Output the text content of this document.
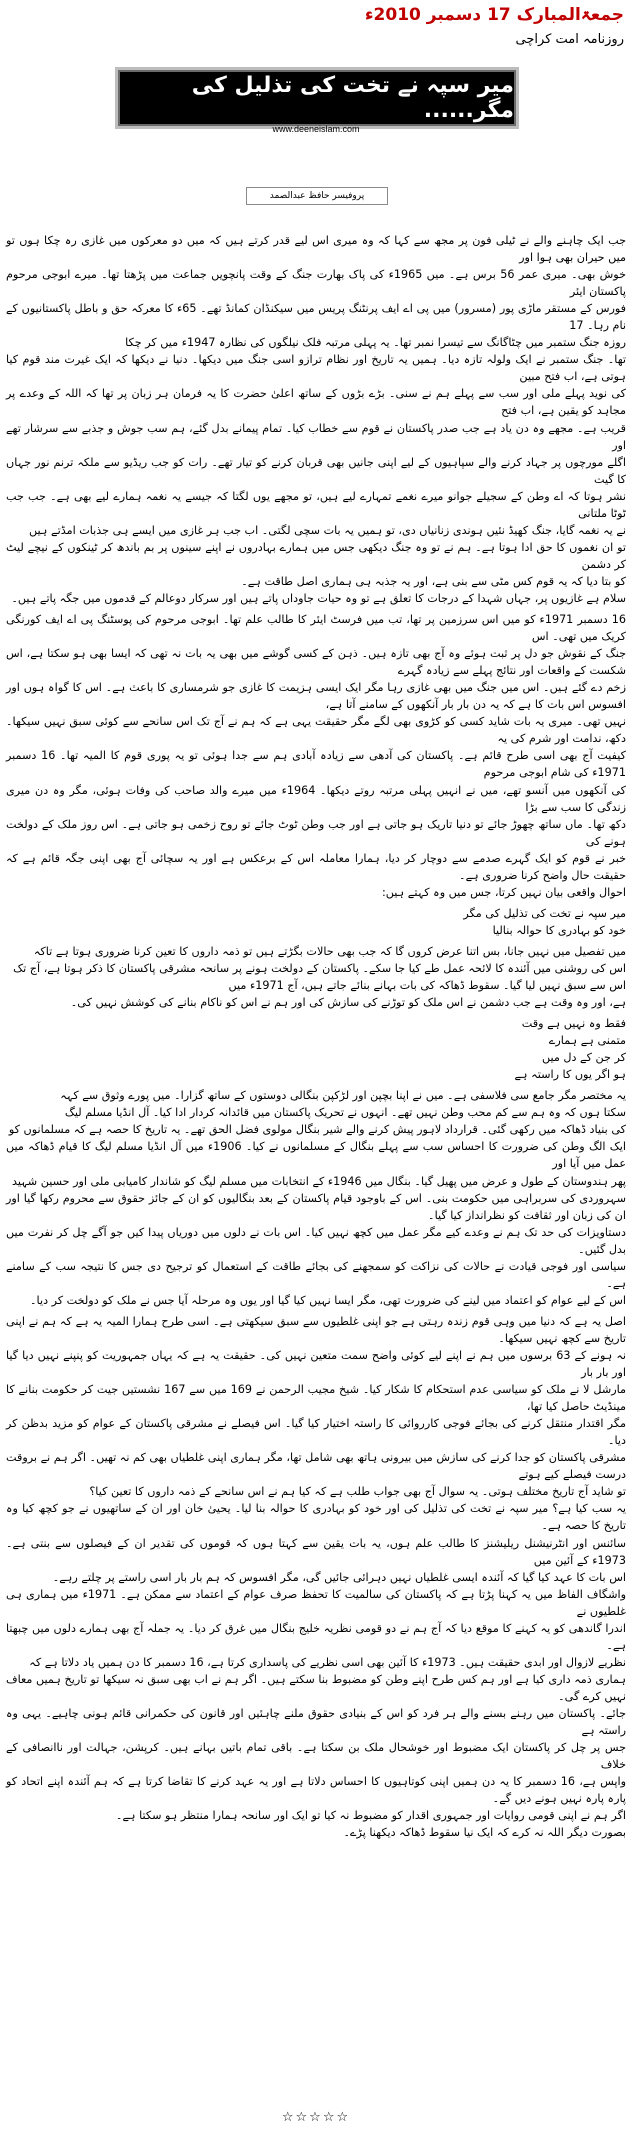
جمعۃالمبارک 17 دسمبر 2010ء
روزنامہ امت کراچی
میر سپہ نے تخت کی تذلیل کی مگر......
www.deeneislam.com
پروفیسر حافظ عبدالصمد

جب ایک چاہنے والے نے ٹیلی فون پر مجھ سے کہا کہ وہ میری اس لیے قدر کرتے ہیں کہ میں دو معرکوں میں غازی رہ چکا ہوں تو میں حیران بھی ہوا اور
خوش بھی۔ میری عمر 56 برس ہے۔ میں 1965ء کی پاک بھارت جنگ کے وقت پانچویں جماعت میں پڑھتا تھا۔ میرے ابوجی مرحوم پاکستان ایئر
فورس کے مستقر ماڑی پور (مسرور) میں پی اے ایف پرنٹنگ پریس میں سیکنڈان کمانڈ تھے۔ 65ء کا معرکہ حق و باطل پاکستانیوں کے نام رہا۔ 17
روزہ جنگ ستمبر میں چٹاگانگ سے تیسرا نمبر تھا۔ یہ پہلی مرتبہ فلک نیلگوں کی نظارہ 1947ء میں کر چکا
تھا۔ جنگ ستمبر نے ایک ولولہ تازہ دیا۔ ہمیں یہ تاریخ اور نظام ترازو اسی جنگ میں دیکھا۔ دنیا نے دیکھا کہ ایک غیرت مند قوم کیا ہوتی ہے، اب فتح مبین
کی نوید پہلے ملی اور سب سے پہلے ہم نے سنی۔ بڑے بڑوں کے ساتھ اعلیٰ حضرت کا یہ فرمان ہر زبان پر تھا کہ اللہ کے وعدے پر مجاہد کو یقین ہے، اب فتح
قریب ہے۔ مجھے وہ دن یاد ہے جب صدر پاکستان نے قوم سے خطاب کیا۔ تمام پیمانے بدل گئے، ہم سب جوش و جذبے سے سرشار تھے اور
اگلے مورچوں پر جہاد کرنے والے سپاہیوں کے لیے اپنی جانیں بھی قربان کرنے کو تیار تھے۔ رات کو جب ریڈیو سے ملکہ ترنم نور جہاں کا گیت
نشر ہوتا کہ اے وطن کے سجیلے جوانو میرے نغمے تمہارے لیے ہیں، تو مجھے یوں لگتا کہ جیسے یہ نغمہ ہمارے لیے بھی ہے۔ جب جب ٹوٹا ملتانی
نے یہ نغمہ گایا، جنگ کھیڈ نئیں ہوندی زنانیاں دی، تو ہمیں یہ بات سچی لگتی۔ اب جب ہر غازی میں ایسے ہی جذبات امڈتے ہیں
تو ان نغموں کا حق ادا ہوتا ہے۔ ہم نے تو وہ جنگ دیکھی جس میں ہمارے بہادروں نے اپنے سینوں پر بم باندھ کر ٹینکوں کے نیچے لیٹ کر دشمن
کو بتا دیا کہ یہ قوم کس مٹی سے بنی ہے، اور یہ جذبہ ہی ہماری اصل طاقت ہے۔
سلام ہے غازیوں پر، جہاں شہدا کے درجات کا تعلق ہے تو وہ حیات جاوداں پاتے ہیں اور سرکار دوعالم کے قدموں میں جگہ پاتے ہیں۔

16 دسمبر 1971ء کو میں اس سرزمین پر تھا، تب میں فرسٹ ایئر کا طالب علم تھا۔ ابوجی مرحوم کی پوسٹنگ پی اے ایف کورنگی کریک میں تھی۔ اس
جنگ کے نقوش جو دل پر ثبت ہوئے وہ آج بھی تازہ ہیں۔ ذہن کے کسی گوشے میں بھی یہ بات نہ تھی کہ ایسا بھی ہو سکتا ہے، اس شکست کے واقعات اور نتائج پہلے سے زیادہ گہرے
زخم دے گئے ہیں۔ اس میں جنگ میں بھی غازی رہا مگر ایک ایسی ہزیمت کا غازی جو شرمساری کا باعث ہے۔ اس کا گواہ ہوں اور افسوس اس بات کا ہے کہ یہ دن بار بار آنکھوں کے سامنے آتا ہے،
نہیں تھی۔ میری یہ بات شاید کسی کو کڑوی بھی لگے مگر حقیقت یہی ہے کہ ہم نے آج تک اس سانحے سے کوئی سبق نہیں سیکھا۔ دکھ، ندامت اور شرم کی یہ
کیفیت آج بھی اسی طرح قائم ہے۔ پاکستان کی آدھی سے زیادہ آبادی ہم سے جدا ہوئی تو یہ پوری قوم کا المیہ تھا۔ 16 دسمبر 1971ء کی شام ابوجی مرحوم
کی آنکھوں میں آنسو تھے، میں نے انہیں پہلی مرتبہ روتے دیکھا۔ 1964ء میں میرے والد صاحب کی وفات ہوئی، مگر وہ دن میری زندگی کا سب سے بڑا
دکھ تھا۔ ماں ساتھ چھوڑ جائے تو دنیا تاریک ہو جاتی ہے اور جب وطن ٹوٹ جائے تو روح زخمی ہو جاتی ہے۔ اس روز ملک کے دولخت ہونے کی
خبر نے قوم کو ایک گہرے صدمے سے دوچار کر دیا، ہمارا معاملہ اس کے برعکس ہے اور یہ سچائی آج بھی اپنی جگہ قائم ہے کہ حقیقت حال واضح کرنا ضروری ہے۔
احوال واقعی بیان نہیں کرتا، جس میں وہ کہتے ہیں:

میر سپہ نے تخت کی تذلیل کی مگر
خود کو بہادری کا حوالہ بنالیا

میں تفصیل میں نہیں جانا، بس اتنا عرض کروں گا کہ جب بھی حالات بگڑتے ہیں تو ذمہ داروں کا تعین کرنا ضروری ہوتا ہے تاکہ
اس کی روشنی میں آئندہ کا لائحہ عمل طے کیا جا سکے۔ پاکستان کے دولخت ہونے پر سانحہ مشرقی پاکستان کا ذکر ہوتا ہے، آج تک
اس سے سبق نہیں لیا گیا۔ سقوط ڈھاکہ کی بات بہانے بنائے جاتے ہیں، آج 1971ء میں
ہے، اور وہ وقت ہے جب دشمن نے اس ملک کو توڑنے کی سازش کی اور ہم نے اس کو ناکام بنانے کی کوشش نہیں کی۔

فقط وہ نہیں ہے وقت
متمنی ہے ہمارے
کر جن کے دل میں
ہو اگر یوں کا راستہ ہے

یہ مختصر مگر جامع سی فلاسفی ہے۔ میں نے اپنا بچپن اور لڑکپن بنگالی دوستوں کے ساتھ گزارا۔ میں پورے وثوق سے کہہ
سکتا ہوں کہ وہ ہم سے کم محب وطن نہیں تھے۔ انہوں نے تحریک پاکستان میں قائدانہ کردار ادا کیا۔ آل انڈیا مسلم لیگ
کی بنیاد ڈھاکہ میں رکھی گئی۔ قرارداد لاہور پیش کرنے والے شیر بنگال مولوی فضل الحق تھے۔ یہ تاریخ کا حصہ ہے کہ مسلمانوں کو
ایک الگ وطن کی ضرورت کا احساس سب سے پہلے بنگال کے مسلمانوں نے کیا۔ 1906ء میں آل انڈیا مسلم لیگ کا قیام ڈھاکہ میں عمل میں آیا اور
پھر ہندوستان کے طول و عرض میں پھیل گیا۔ بنگال میں 1946ء کے انتخابات میں مسلم لیگ کو شاندار کامیابی ملی اور حسین شہید
سہروردی کی سربراہی میں حکومت بنی۔ اس کے باوجود قیام پاکستان کے بعد بنگالیوں کو ان کے جائز حقوق سے محروم رکھا گیا اور ان کی زبان اور ثقافت کو نظرانداز کیا گیا۔
دستاویزات کی حد تک ہم نے وعدے کیے مگر عمل میں کچھ نہیں کیا۔ اس بات نے دلوں میں دوریاں پیدا کیں جو آگے چل کر نفرت میں بدل گئیں۔
سیاسی اور فوجی قیادت نے حالات کی نزاکت کو سمجھنے کی بجائے طاقت کے استعمال کو ترجیح دی جس کا نتیجہ سب کے سامنے ہے۔
اس کے لیے عوام کو اعتماد میں لینے کی ضرورت تھی، مگر ایسا نہیں کیا گیا اور یوں وہ مرحلہ آیا جس نے ملک کو دولخت کر دیا۔

اصل یہ ہے کہ دنیا میں وہی قوم زندہ رہتی ہے جو اپنی غلطیوں سے سبق سیکھتی ہے۔ اسی طرح ہمارا المیہ یہ ہے کہ ہم نے اپنی تاریخ سے کچھ نہیں سیکھا۔
نہ ہونے کے 63 برسوں میں ہم نے اپنے لیے کوئی واضح سمت متعین نہیں کی۔ حقیقت یہ ہے کہ یہاں جمہوریت کو پنپنے نہیں دیا گیا اور بار بار
مارشل لا نے ملک کو سیاسی عدم استحکام کا شکار کیا۔ شیخ مجیب الرحمن نے 169 میں سے 167 نشستیں جیت کر حکومت بنانے کا مینڈیٹ حاصل کیا تھا،
مگر اقتدار منتقل کرنے کی بجائے فوجی کارروائی کا راستہ اختیار کیا گیا۔ اس فیصلے نے مشرقی پاکستان کے عوام کو مزید بدظن کر دیا۔
مشرقی پاکستان کو جدا کرنے کی سازش میں بیرونی ہاتھ بھی شامل تھا، مگر ہماری اپنی غلطیاں بھی کم نہ تھیں۔ اگر ہم نے بروقت درست فیصلے کیے ہوتے
تو شاید آج تاریخ مختلف ہوتی۔ یہ سوال آج بھی جواب طلب ہے کہ کیا ہم نے اس سانحے کے ذمہ داروں کا تعین کیا؟
یہ سب کیا ہے؟ میر سپہ نے تخت کی تذلیل کی اور خود کو بہادری کا حوالہ بنا لیا۔ یحییٰ خان اور ان کے ساتھیوں نے جو کچھ کیا وہ تاریخ کا حصہ ہے۔
سائنس اور انٹرنیشنل ریلیشنز کا طالب علم ہوں، یہ بات یقین سے کہتا ہوں کہ قوموں کی تقدیر ان کے فیصلوں سے بنتی ہے۔ 1973ء کے آئین میں
اس بات کا عہد کیا گیا کہ آئندہ ایسی غلطیاں نہیں دہرائی جائیں گی، مگر افسوس کہ ہم بار بار اسی راستے پر چلتے رہے۔
واشگاف الفاظ میں یہ کہنا پڑتا ہے کہ پاکستان کی سالمیت کا تحفظ صرف عوام کے اعتماد سے ممکن ہے۔ 1971ء میں ہماری ہی غلطیوں نے
اندرا گاندھی کو یہ کہنے کا موقع دیا کہ آج ہم نے دو قومی نظریہ خلیج بنگال میں غرق کر دیا۔ یہ جملہ آج بھی ہمارے دلوں میں چبھتا ہے۔
نظریے لازوال اور ابدی حقیقت ہیں۔ 1973ء کا آئین بھی اسی نظریے کی پاسداری کرتا ہے، 16 دسمبر کا دن ہمیں یاد دلاتا ہے کہ
ہماری ذمہ داری کیا ہے اور ہم کس طرح اپنے وطن کو مضبوط بنا سکتے ہیں۔ اگر ہم نے اب بھی سبق نہ سیکھا تو تاریخ ہمیں معاف نہیں کرے گی۔
جائے۔ پاکستان میں رہنے بسنے والے ہر فرد کو اس کے بنیادی حقوق ملنے چاہئیں اور قانون کی حکمرانی قائم ہونی چاہیے۔ یہی وہ راستہ ہے
جس پر چل کر پاکستان ایک مضبوط اور خوشحال ملک بن سکتا ہے۔ باقی تمام باتیں بہانے ہیں۔ کرپشن، جہالت اور ناانصافی کے خلاف
واپس ہے، 16 دسمبر کا یہ دن ہمیں اپنی کوتاہیوں کا احساس دلاتا ہے اور یہ عہد کرنے کا تقاضا کرتا ہے کہ ہم آئندہ اپنے اتحاد کو پارہ پارہ نہیں ہونے دیں گے۔
اگر ہم نے اپنی قومی روایات اور جمہوری اقدار کو مضبوط نہ کیا تو ایک اور سانحہ ہمارا منتظر ہو سکتا ہے۔
بصورت دیگر اللہ نہ کرے کہ ایک نیا سقوط ڈھاکہ دیکھنا پڑے۔

☆☆☆☆☆
